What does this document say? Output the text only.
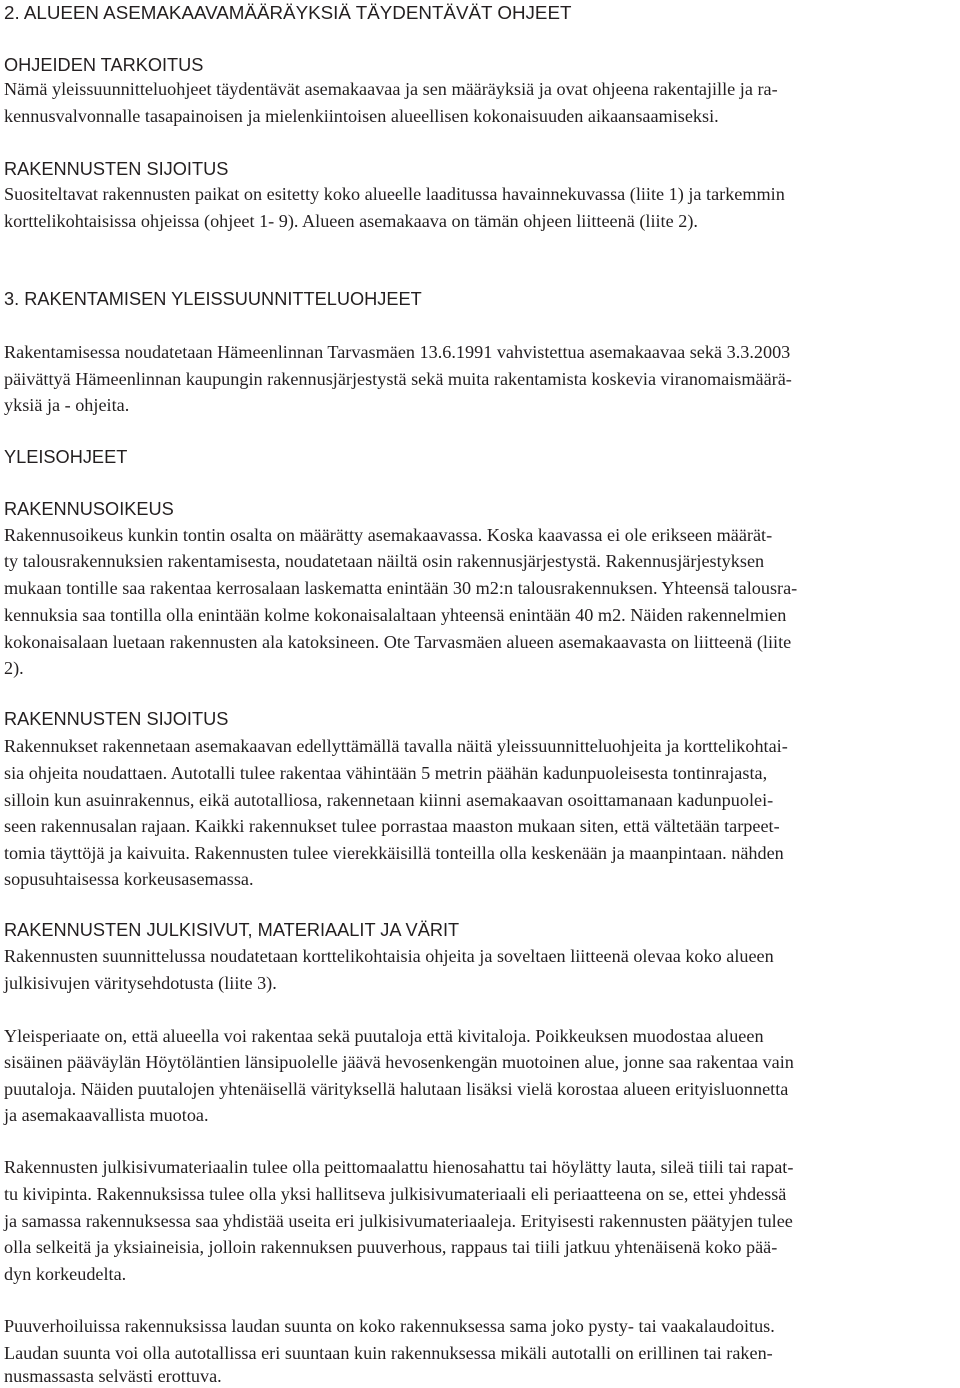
2. ALUEEN ASEMAKAAVAMÄÄRÄYKSIÄ TÄYDENTÄVÄT OHJEET
OHJEIDEN TARKOITUS
Nämä yleissuunnitteluohjeet täydentävät asemakaavaa ja sen määräyksiä ja ovat ohjeena rakentajille ja ra-
kennusvalvonnalle tasapainoisen ja mielenkiintoisen alueellisen kokonaisuuden aikaansaamiseksi.
RAKENNUSTEN SIJOITUS
Suositeltavat rakennusten paikat on esitetty koko alueelle laaditussa havainnekuvassa (liite 1) ja tarkemmin
korttelikohtaisissa ohjeissa (ohjeet 1- 9). Alueen asemakaava on tämän ohjeen liitteenä (liite 2).
3. RAKENTAMISEN YLEISSUUNNITTELUOHJEET
Rakentamisessa noudatetaan Hämeenlinnan Tarvasmäen 13.6.1991 vahvistettua asemakaavaa sekä 3.3.2003
päivättyä Hämeenlinnan kaupungin rakennusjärjestystä sekä muita rakentamista koskevia viranomaismäärä-
yksiä ja - ohjeita.
YLEISOHJEET
RAKENNUSOIKEUS
Rakennusoikeus kunkin tontin osalta on määrätty asemakaavassa. Koska kaavassa ei ole erikseen määrät-
ty talousrakennuksien rakentamisesta, noudatetaan näiltä osin rakennusjärjestystä. Rakennusjärjestyksen
mukaan tontille saa rakentaa kerrosalaan laskematta enintään 30 m2:n talousrakennuksen. Yhteensä talousra-
kennuksia saa tontilla olla enintään kolme kokonaisalaltaan yhteensä enintään 40 m2. Näiden rakennelmien
kokonaisalaan luetaan rakennusten ala katoksineen. Ote Tarvasmäen alueen asemakaavasta on liitteenä (liite
2).
RAKENNUSTEN SIJOITUS
Rakennukset rakennetaan asemakaavan edellyttämällä tavalla näitä yleissuunnitteluohjeita ja korttelikohtai-
sia ohjeita noudattaen. Autotalli tulee rakentaa vähintään 5 metrin päähän kadunpuoleisesta tontinrajasta,
silloin kun asuinrakennus, eikä autotalliosa, rakennetaan kiinni asemakaavan osoittamanaan kadunpuolei-
seen rakennusalan rajaan. Kaikki rakennukset tulee porrastaa maaston mukaan siten, että vältetään tarpeet-
tomia täyttöjä ja kaivuita. Rakennusten tulee vierekkäisillä tonteilla olla keskenään ja maanpintaan. nähden
sopusuhtaisessa korkeusasemassa.
RAKENNUSTEN JULKISIVUT, MATERIAALIT JA VÄRIT
Rakennusten suunnittelussa noudatetaan korttelikohtaisia ohjeita ja soveltaen liitteenä olevaa koko alueen
julkisivujen väritysehdotusta (liite 3).
Yleisperiaate on, että alueella voi rakentaa sekä puutaloja että kivitaloja. Poikkeuksen muodostaa alueen
sisäinen pääväylän Höytöläntien länsipuolelle jäävä hevosenkengän muotoinen alue, jonne saa rakentaa vain
puutaloja. Näiden puutalojen yhtenäisellä värityksellä halutaan lisäksi vielä korostaa alueen erityisluonnetta
ja asemakaavallista muotoa.
Rakennusten julkisivumateriaalin tulee olla peittomaalattu hienosahattu tai höylätty lauta, sileä tiili tai rapat-
tu kivipinta. Rakennuksissa tulee olla yksi hallitseva julkisivumateriaali eli periaatteena on se, ettei yhdessä
ja samassa rakennuksessa saa yhdistää useita eri julkisivumateriaaleja. Erityisesti rakennusten päätyjen tulee
olla selkeitä ja yksiaineisia, jolloin rakennuksen puuverhous, rappaus tai tiili jatkuu yhtenäisenä koko pää-
dyn korkeudelta.
Puuverhoiluissa rakennuksissa laudan suunta on koko rakennuksessa sama joko pysty- tai vaakalaudoitus.
Laudan suunta voi olla autotallissa eri suuntaan kuin rakennuksessa mikäli autotalli on erillinen tai raken-
nusmassasta selvästi erottuva.
